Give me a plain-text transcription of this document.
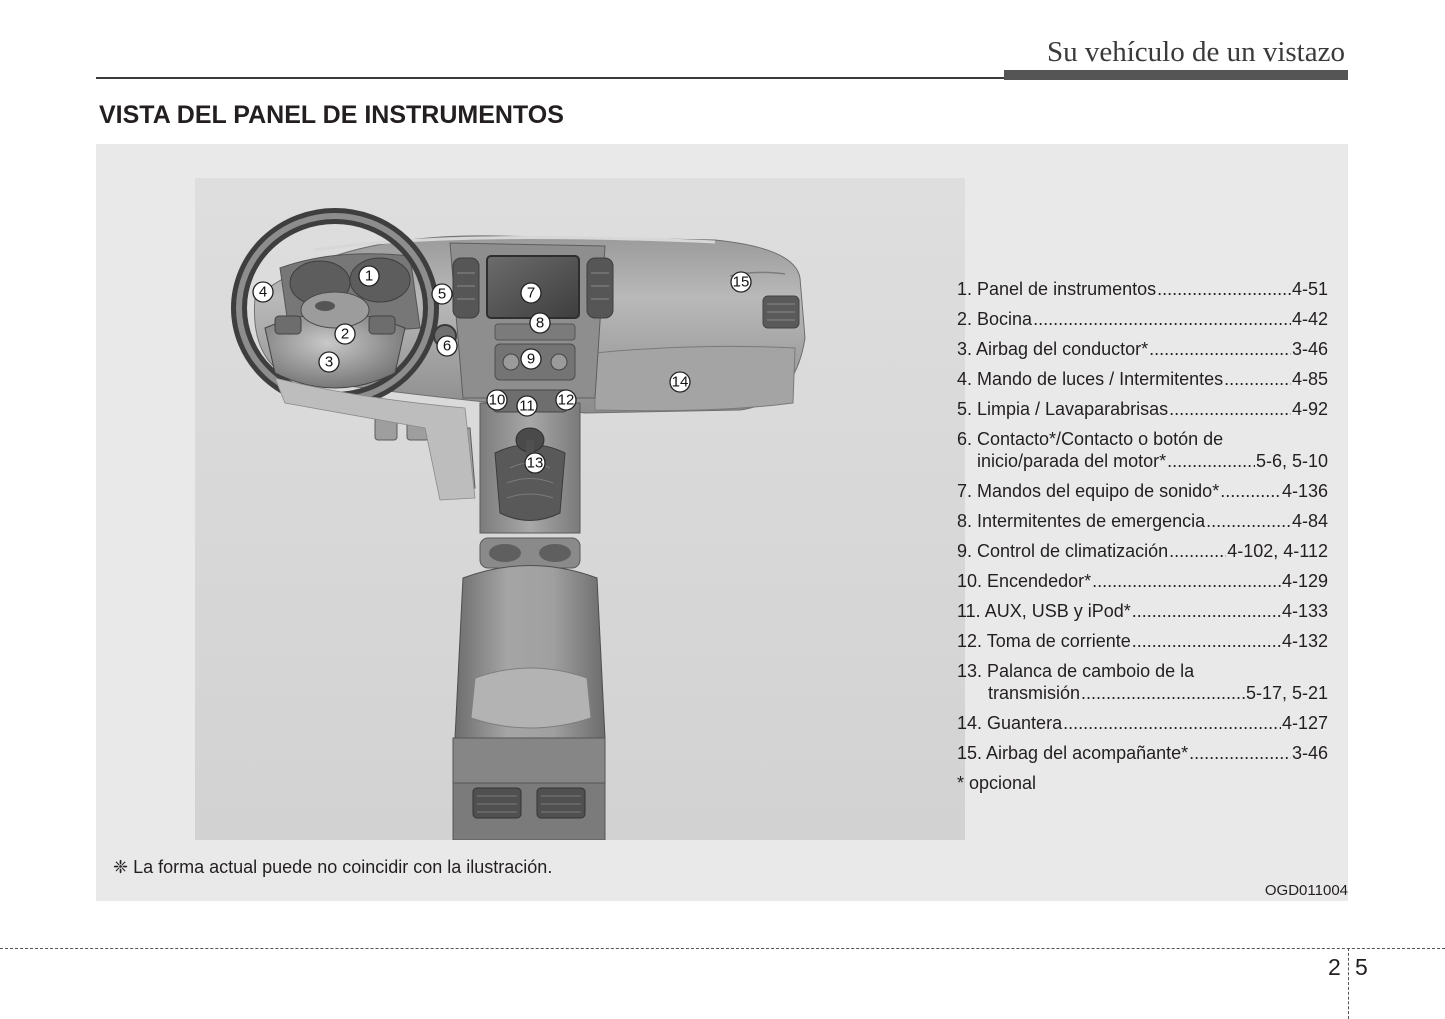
Su vehículo de un vistazo
VISTA DEL PANEL DE INSTRUMENTOS
1
2
3
4	5
6
7
8
9
10 11 12
13
14
15	1. Panel de instrumentos .....	4-51
2. Bocina .....	4-42
3. Airbag del conductor* .....	3-46
4. Mando de luces / Intermitentes .....	4-85
5. Limpia / Lavaparabrisas .....	4-92
6. Contacto*/Contacto o botón de
inicio/parada del motor* .....	5-6, 5-10
7. Mandos del equipo de sonido* .....	4-136
8. Intermitentes de emergencia .....	4-84
9. Control de climatización .....	4-102, 4-112
10. Encendedor* .....	4-129
11. AUX, USB y iPod* .....	4-133
12. Toma de corriente .....	4-132
13. Palanca de camboio de la
transmisión .....	5-17, 5-21
14. Guantera .....	4-127
15. Airbag del acompañante* .....	3-46
* opcional
❈ La forma actual puede no coincidir con la ilustración.
OGD011004
2 5
